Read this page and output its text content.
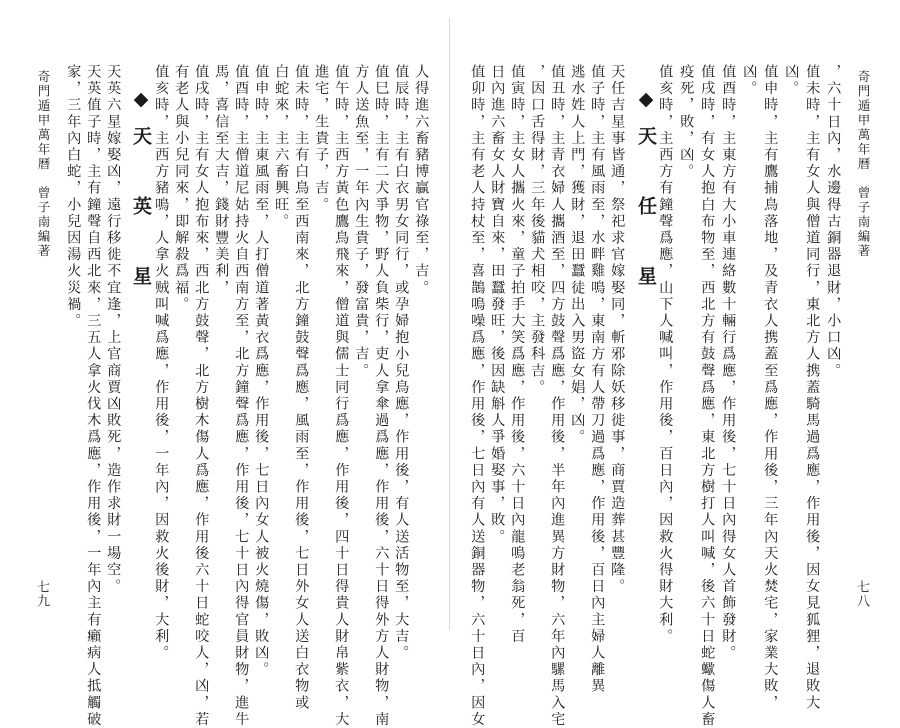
奇門遁甲萬年曆　曾子南編著
七八
，六十日內，水邊得古銅器退財，小口凶。
值未時，主有女人與僧道同行，東北方人携蓋騎馬過爲應，作用後，因女見狐狸，退敗大
凶。
值申時，主有鷹捕鳥落地，及青衣人携蓋至爲應，作用後，三年內天火焚宅，家業大敗，
凶。
值酉時，主東方有大小車連絡數十輛行爲應，作用後，七十日內得女人首飾發財。
值戌時，有女人抱白布物至，西北方有鼓聲爲應，東北方樹打人叫喊，後六十日蛇蠍傷人畜
疫死，敗，凶。
值亥時，主西方有鐘聲爲應，山下人喊叫，作用後，百日內，因救火得財大利。
◆天　任　星
天任吉星事皆通，祭祀求官嫁娶同，斬邪除妖移徙事，商賈造葬甚豐隆。
值子時，主有風雨至，水畔雞鳴，東南方有人帶刀過爲應，作用後，百日內主婦人離異
逃水姓人上門，獲財，退田蠶徒出入男盜女娼，凶。
值丑時，主青衣婦人攜酒至，四方鼓聲爲應，作用後，半年內進異方財物，六年內騾馬入宅
，因口舌得財，三年後貓犬相咬，主發科吉。
值寅時，主女人攜火來，童子拍手大笑爲應，作用後，六十日內龍鳴老翁死，百
日內進六畜女人財寶自來，田蠶發旺，後因缺斛人爭婚娶事，敗。
值卯時，主有老人持杖至，喜鵲鳴噪爲應，作用後，七日內有人送銅器物，六十日內，因女
人得進六畜豬博贏官祿至，吉。
值辰時，主有白衣男女同行，或孕婦抱小兒鳥應，作用後，有人送活物至，大吉。
值巳時，主有二犬爭物，野人負柴行，吏人拿傘過爲應，作用後，六十日得外方人財物，南
方人送魚至，一年內生貴子，發富貴，吉。
值午時，主西方黃色鷹鳥飛來，僧道與儒士同行爲應，作用後，四十日得貴人財帛紫衣，大
進宅，生貴子，吉。
值未時，主有白鳥至西南來，北方鐘鼓聲爲應，風雨至，作用後，七日外女人送白衣物或
白蛇來，主六畜興旺。
值申時，主東風雨至，人打僧道著黃衣爲應，作用後，七日內女人被火燒傷，敗凶。
值酉時，主僧道尼姑持火自西南方至，北方鐘聲爲應，作用後，七十日內得官員財物，進牛
馬，喜信至大吉，錢財豐美利，
值戌時，主有女人抱布來，西北方鼓聲，北方樹木傷人爲應，作用後六十日蛇咬人，凶，若
有老人與小兒同來，即解殺爲福。
值亥時，主西方豬鳴，人拿火贼叫喊爲應，作用後，一年內，因救火後財，大利。
◆天　英　星
天英六星嫁娶凶，遠行移徙不宜逢，上官商賈凶敗死，造作求財一場空。
天英值子時，主有鐘聲自西北來，三五人拿火伐木爲應，作用後，一年內主有癩病人抵觸破
家，三年內白蛇，小兒因湯火災禍。
奇門遁甲萬年曆　曾子南編著
七九
